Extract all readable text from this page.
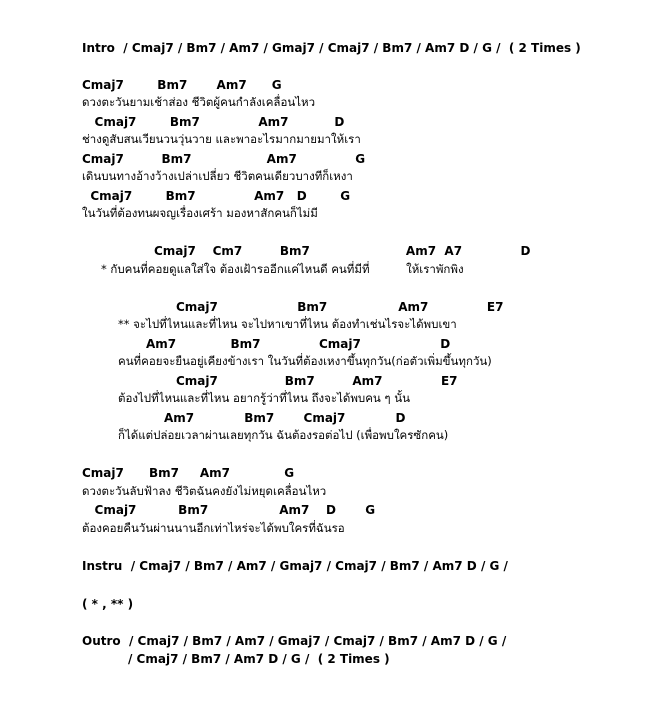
Intro  / Cmaj7 / Bm7 / Am7 / Gmaj7 / Cmaj7 / Bm7 / Am7 D / G /  ( 2 Times )
Cmaj7        Bm7       Am7      G
ดวงตะวันยามเช้าส่อง ชีวิตผู้คนกำลังเคลื่อนไหว
Cmaj7        Bm7              Am7           D
ช่างดูสับสนเวียนวนวุ่นวาย และพาอะไรมากมายมาให้เรา
Cmaj7         Bm7                  Am7              G
เดินบนทางอ้างว้างเปล่าเปลี่ยว ชีวิตคนเดียวบางทีก็เหงา
Cmaj7        Bm7              Am7   D        G
ในวันที่ต้องทนผจญเรื่องเศร้า มองหาสักคนก็ไม่มี
Cmaj7    Cm7         Bm7                       Am7  A7              D
* กับคนที่คอยดูแลใส่ใจ ต้องเฝ้ารออีกแค่ไหนดี คนที่มีที่          ให้เราพักพิง
Cmaj7                   Bm7                 Am7              E7
** จะไปที่ไหนและที่ไหน จะไปหาเขาที่ไหน ต้องทำเช่นไรจะได้พบเขา
Am7             Bm7              Cmaj7                   D
คนที่คอยจะยืนอยู่เคียงข้างเรา ในวันที่ต้องเหงาขึ้นทุกวัน(ก่อตัวเพิ่มขึ้นทุกวัน)
Cmaj7                Bm7         Am7              E7
ต้องไปที่ไหนและที่ไหน อยากรู้ว่าที่ไหน ถึงจะได้พบคน ๆ นั้น
Am7            Bm7       Cmaj7            D
ก็ได้แต่ปล่อยเวลาผ่านเลยทุกวัน ฉันต้องรอต่อไป (เพื่อพบใครซักคน)
Cmaj7      Bm7     Am7             G
ดวงตะวันลับฟ้าลง ชีวิตฉันคงยังไม่หยุดเคลื่อนไหว
Cmaj7          Bm7                 Am7    D       G
ต้องคอยคืนวันผ่านนานอีกเท่าไหร่จะได้พบใครที่ฉันรอ
Instru  / Cmaj7 / Bm7 / Am7 / Gmaj7 / Cmaj7 / Bm7 / Am7 D / G /
( * , ** )
Outro  / Cmaj7 / Bm7 / Am7 / Gmaj7 / Cmaj7 / Bm7 / Am7 D / G /
/ Cmaj7 / Bm7 / Am7 D / G /  ( 2 Times )
